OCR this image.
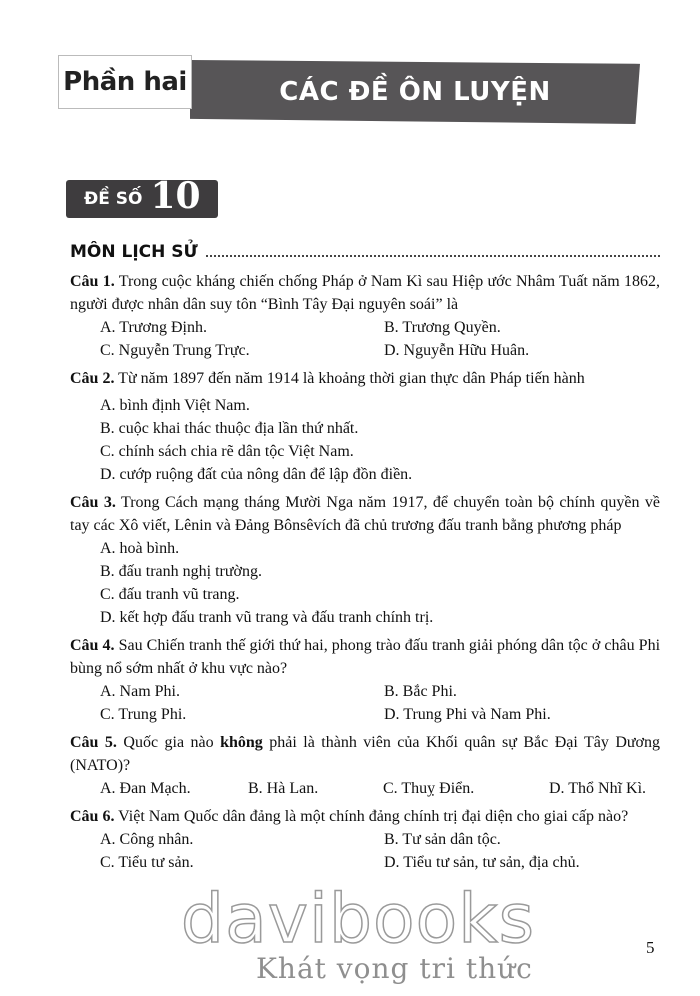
Phần hai	CÁC ĐỀ ÔN LUYỆN
ĐỀ SỐ 10
MÔN LỊCH SỬ
Câu 1. Trong cuộc kháng chiến chống Pháp ở Nam Kì sau Hiệp ước Nhâm Tuất năm 1862, người được nhân dân suy tôn “Bình Tây Đại nguyên soái” là
A. Trương Định.	B. Trương Quyền.
C. Nguyễn Trung Trực.	D. Nguyễn Hữu Huân.
Câu 2. Từ năm 1897 đến năm 1914 là khoảng thời gian thực dân Pháp tiến hành
A. bình định Việt Nam.
B. cuộc khai thác thuộc địa lần thứ nhất.
C. chính sách chia rẽ dân tộc Việt Nam.
D. cướp ruộng đất của nông dân để lập đồn điền.
Câu 3. Trong Cách mạng tháng Mười Nga năm 1917, để chuyển toàn bộ chính quyền về tay các Xô viết, Lênin và Đảng Bônsêvích đã chủ trương đấu tranh bằng phương pháp
A. hoà bình.
B. đấu tranh nghị trường.
C. đấu tranh vũ trang.
D. kết hợp đấu tranh vũ trang và đấu tranh chính trị.
Câu 4. Sau Chiến tranh thế giới thứ hai, phong trào đấu tranh giải phóng dân tộc ở châu Phi bùng nổ sớm nhất ở khu vực nào?
A. Nam Phi.	B. Bắc Phi.
C. Trung Phi.	D. Trung Phi và Nam Phi.
Câu 5. Quốc gia nào không phải là thành viên của Khối quân sự Bắc Đại Tây Dương (NATO)?
A. Đan Mạch.	B. Hà Lan.	C. Thuỵ Điển.	D. Thổ Nhĩ Kì.
Câu 6. Việt Nam Quốc dân đảng là một chính đảng chính trị đại diện cho giai cấp nào?
A. Công nhân.	B. Tư sản dân tộc.
C. Tiểu tư sản.	D. Tiểu tư sản, tư sản, địa chủ.
davibooks
Khát vọng tri thức
5
